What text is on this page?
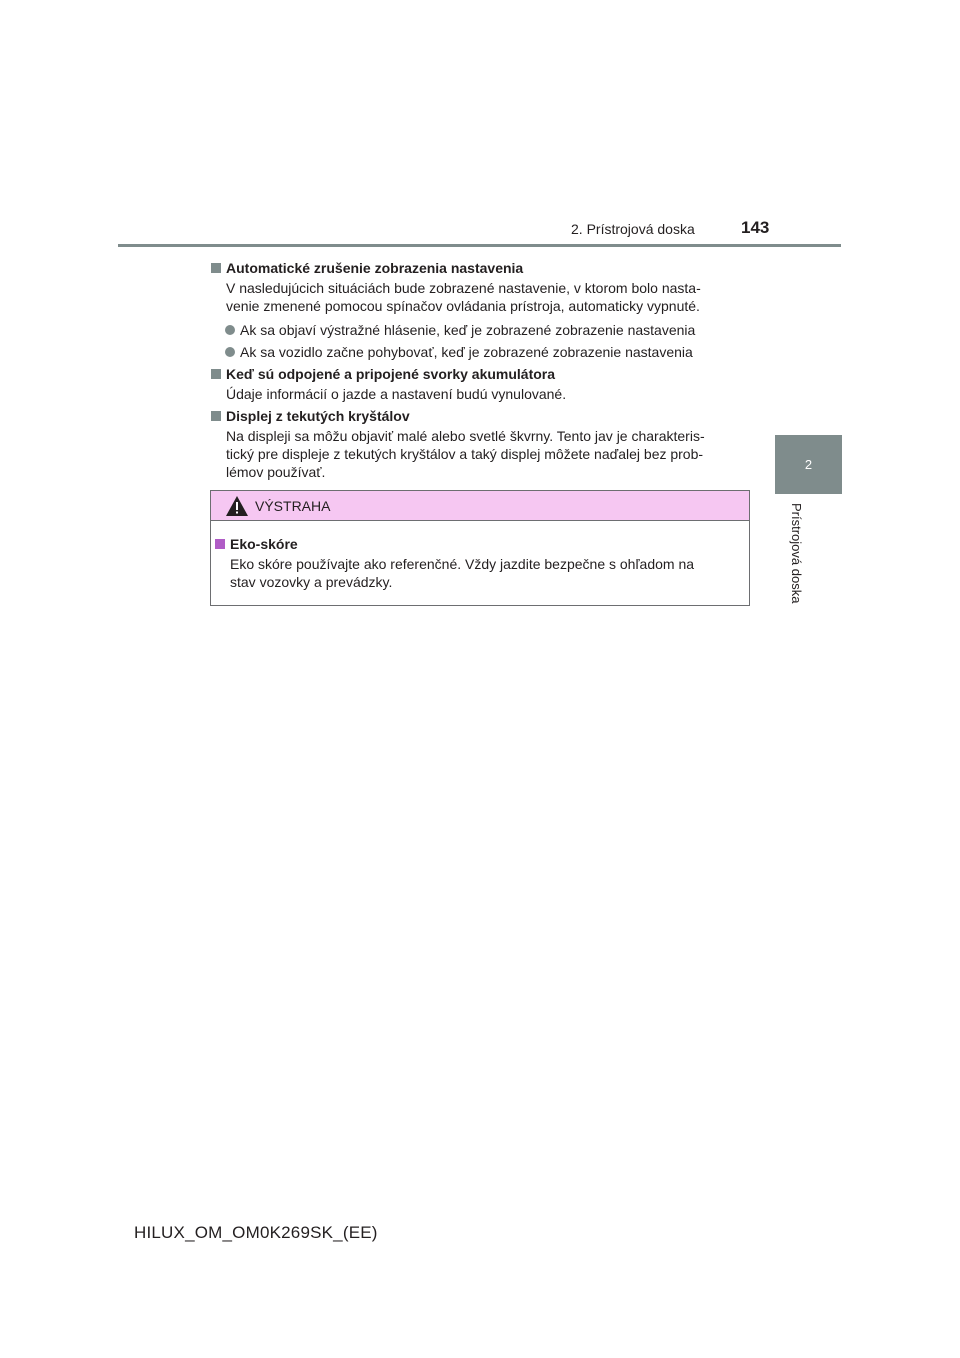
2. Prístrojová doska	143
2
Prístrojová doska
Automatické zrušenie zobrazenia nastavenia
V nasledujúcich situáciách bude zobrazené nastavenie, v ktorom bolo nasta-
venie zmenené pomocou spínačov ovládania prístroja, automaticky vypnuté.
Ak sa objaví výstražné hlásenie, keď je zobrazené zobrazenie nastavenia
Ak sa vozidlo začne pohybovať, keď je zobrazené zobrazenie nastavenia
Keď sú odpojené a pripojené svorky akumulátora
Údaje informácií o jazde a nastavení budú vynulované.
Displej z tekutých kryštálov
Na displeji sa môžu objaviť malé alebo svetlé škvrny. Tento jav je charakteris-
tický pre displeje z tekutých kryštálov a taký displej môžete naďalej bez prob-
lémov používať.
VÝSTRAHA
Eko-skóre
Eko skóre používajte ako referenčné. Vždy jazdite bezpečne s ohľadom na
stav vozovky a prevádzky.
HILUX_OM_OM0K269SK_(EE)
